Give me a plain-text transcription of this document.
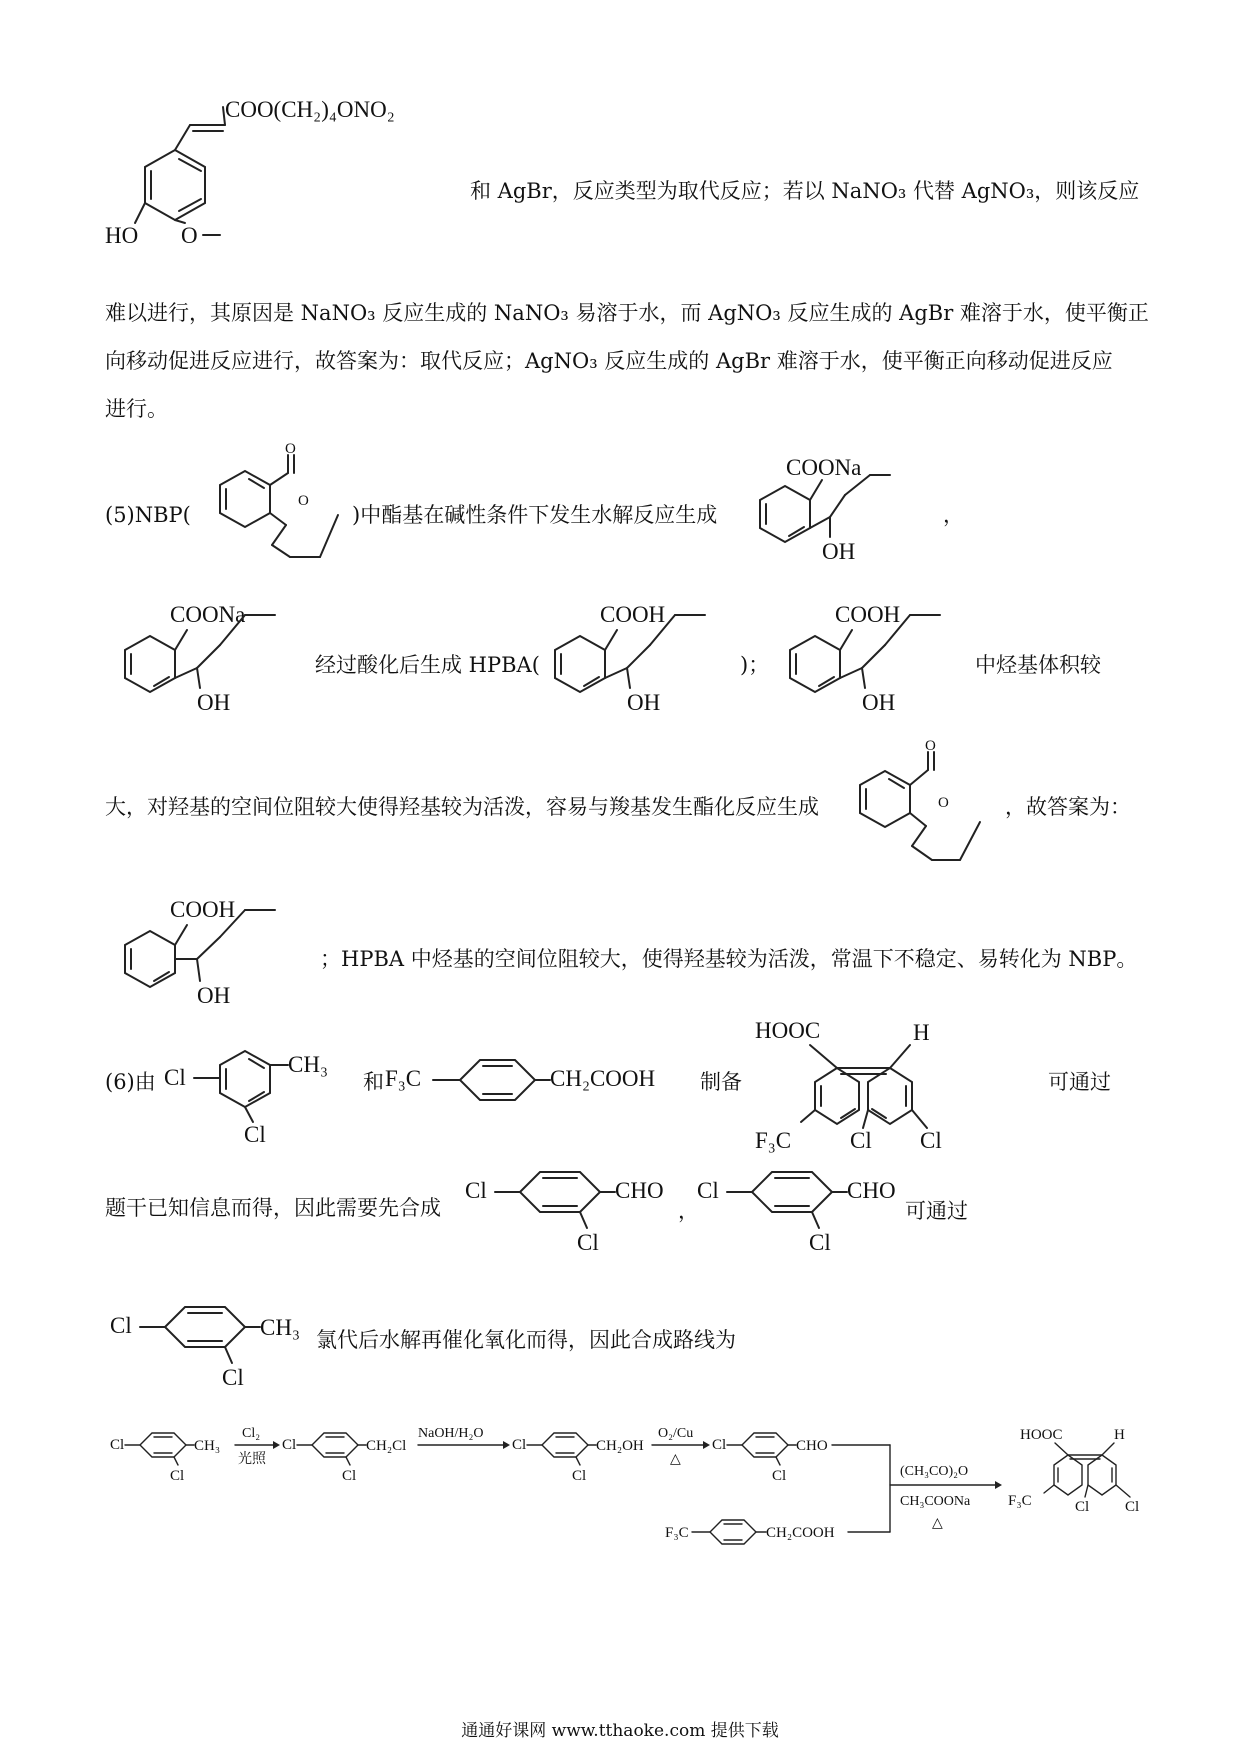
COO(CH₂)₄ONO₂
HO O
和 AgBr，反应类型为取代反应；若以 NaNO₃ 代替 AgNO₃，则该反应
难以进行，其原因是 NaNO₃ 反应生成的 NaNO₃ 易溶于水，而 AgNO₃ 反应生成的 AgBr 难溶于水，使平衡正
向移动促进反应进行，故答案为：取代反应；AgNO₃ 反应生成的 AgBr 难溶于水，使平衡正向移动促进反应
进行。
(5)NBP(
O
O
)中酯基在碱性条件下发生水解反应生成
COONa
OH
，
COONa
OH
经过酸化后生成 HPBA(
COOH
OH
)；
COOH
OH
中烃基体积较
大，对羟基的空间位阻较大使得羟基较为活泼，容易与羧基发生酯化反应生成
O
O	，故答案为：
COOH
OH
；HPBA 中烃基的空间位阻较大，使得羟基较为活泼，常温下不稳定、易转化为 NBP。
(6)由 Cl
CH₃
Cl
和 F₃C	CH₂COOH 制备
HOOC	H
F₃C	Cl Cl
可通过
题干已知信息而得，因此需要先合成
Cl	CHO
Cl
，
Cl	CHO
Cl
可通过
Cl	CH₃
Cl
氯代后水解再催化氧化而得，因此合成路线为
Cl	CH₃
Cl
Cl₂
光照
Cl	CH₂Cl
Cl
NaOH/H₂O
Cl	CH₂OH
Cl
O₂/Cu
△
Cl	CHO
Cl
F₃C	CH₂COOH
(CH₃CO)₂O
CH₃COONa
△
HOOC	H
F₃C	Cl Cl
通通好课网 www.tthaoke.com 提供下载
